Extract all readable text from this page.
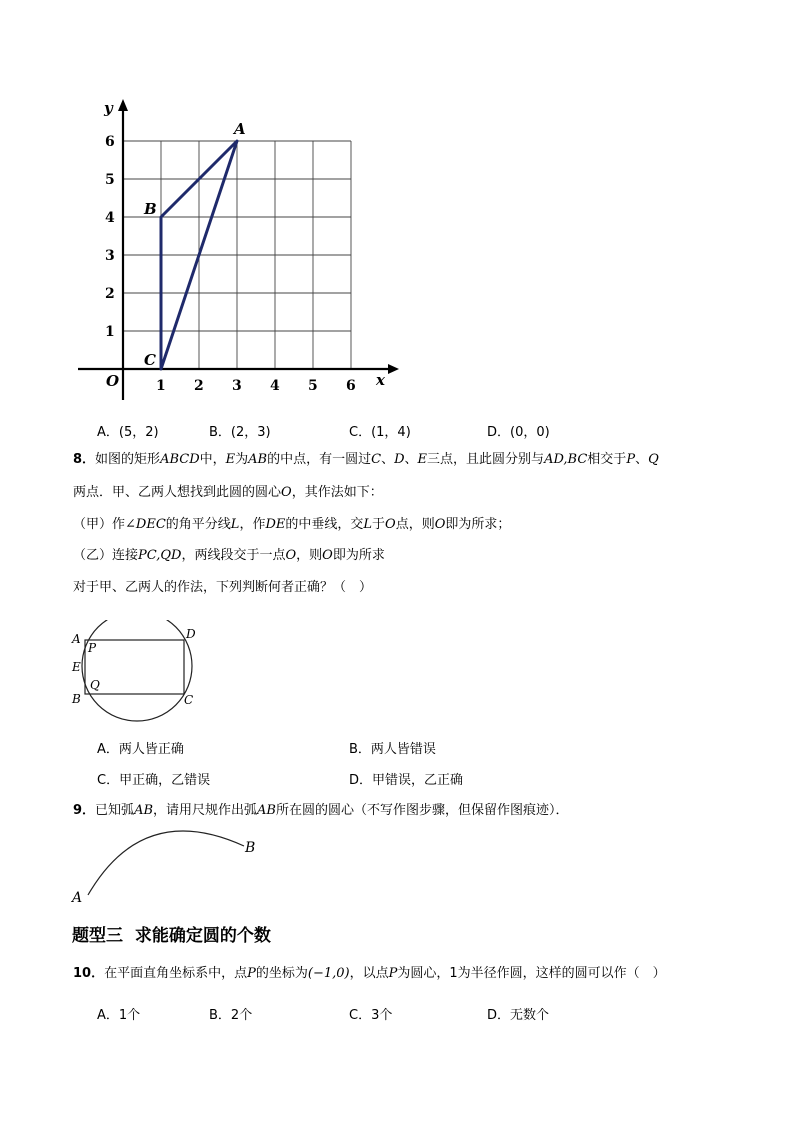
1 2 3 4 5 6
1
2
3
4
5
6
A
B
C
y
x
O
A．(5，2)	B．(2，3)	C．(1，4)	D．(0，0)
8．如图的矩形ABCD中，E为AB的中点，有一圆过C、D、E三点，且此圆分别与AD,BC相交于P、Q
两点．甲、乙两人想找到此圆的圆心O，其作法如下：
（甲）作∠DEC的角平分线L，作DE的中垂线，交L于O点，则O即为所求；
（乙）连接PC,QD，两线段交于一点O，则O即为所求
对于甲、乙两人的作法，下列判断何者正确？（　）
A
P
D
E
Q
B	C
A．两人皆正确	B．两人皆错误
C．甲正确，乙错误	D．甲错误，乙正确
9．已知弧AB，请用尺规作出弧AB所在圆的圆心（不写作图步骤，但保留作图痕迹）．
A
B
题型三  求能确定圆的个数
10．在平面直角坐标系中，点P的坐标为(−1,0)，以点P为圆心，1为半径作圆，这样的圆可以作（　）
A．1个	B．2个	C．3个	D．无数个
